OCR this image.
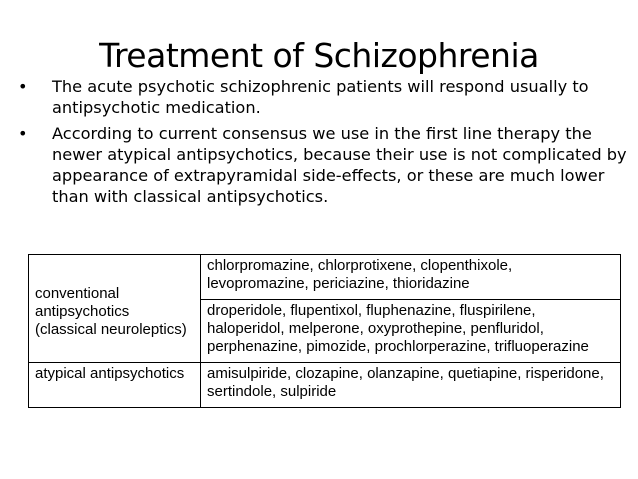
Treatment of Schizophrenia
• The acute psychotic schizophrenic patients will respond usually to antipsychotic medication.
• According to current consensus we use in the first line therapy the newer atypical antipsychotics, because their use is not complicated by appearance of extrapyramidal side-effects, or these are much lower than with classical antipsychotics.
conventional antipsychotics (classical neuroleptics)	chlorpromazine, chlorprotixene, clopenthixole, levopromazine, periciazine, thioridazine
	droperidole, flupentixol, fluphenazine, fluspirilene, haloperidol, melperone, oxyprothepine, penfluridol, perphenazine, pimozide, prochlorperazine, trifluoperazine
atypical antipsychotics	amisulpiride, clozapine, olanzapine, quetiapine, risperidone, sertindole, sulpiride
